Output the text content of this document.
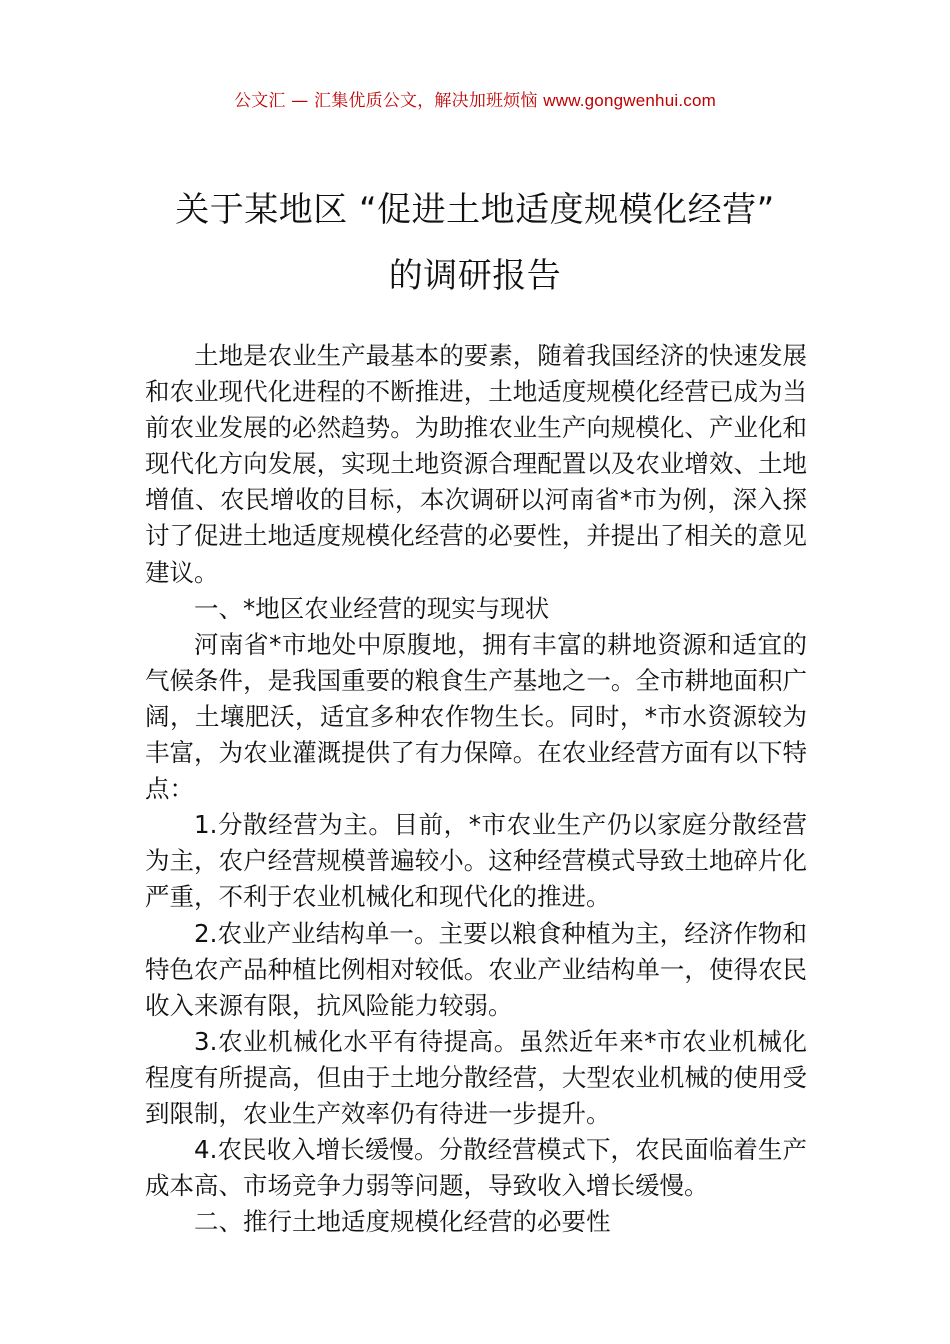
公文汇 — 汇集优质公文，解决加班烦恼 www.gongwenhui.com
关于某地区 “促进土地适度规模化经营”
的调研报告

土地是农业生产最基本的要素，随着我国经济的快速发展和农业现代化进程的不断推进，土地适度规模化经营已成为当前农业发展的必然趋势。为助推农业生产向规模化、产业化和现代化方向发展，实现土地资源合理配置以及农业增效、土地增值、农民增收的目标，本次调研以河南省*市为例，深入探讨了促进土地适度规模化经营的必要性，并提出了相关的意见建议。

一、*地区农业经营的现实与现状

河南省*市地处中原腹地，拥有丰富的耕地资源和适宜的气候条件，是我国重要的粮食生产基地之一。全市耕地面积广阔，土壤肥沃，适宜多种农作物生长。同时，*市水资源较为丰富，为农业灌溉提供了有力保障。在农业经营方面有以下特点：

1.分散经营为主。目前，*市农业生产仍以家庭分散经营为主，农户经营规模普遍较小。这种经营模式导致土地碎片化严重，不利于农业机械化和现代化的推进。

2.农业产业结构单一。主要以粮食种植为主，经济作物和特色农产品种植比例相对较低。农业产业结构单一，使得农民收入来源有限，抗风险能力较弱。

3.农业机械化水平有待提高。虽然近年来*市农业机械化程度有所提高，但由于土地分散经营，大型农业机械的使用受到限制，农业生产效率仍有待进一步提升。

4.农民收入增长缓慢。分散经营模式下，农民面临着生产成本高、市场竞争力弱等问题，导致收入增长缓慢。

二、推行土地适度规模化经营的必要性
